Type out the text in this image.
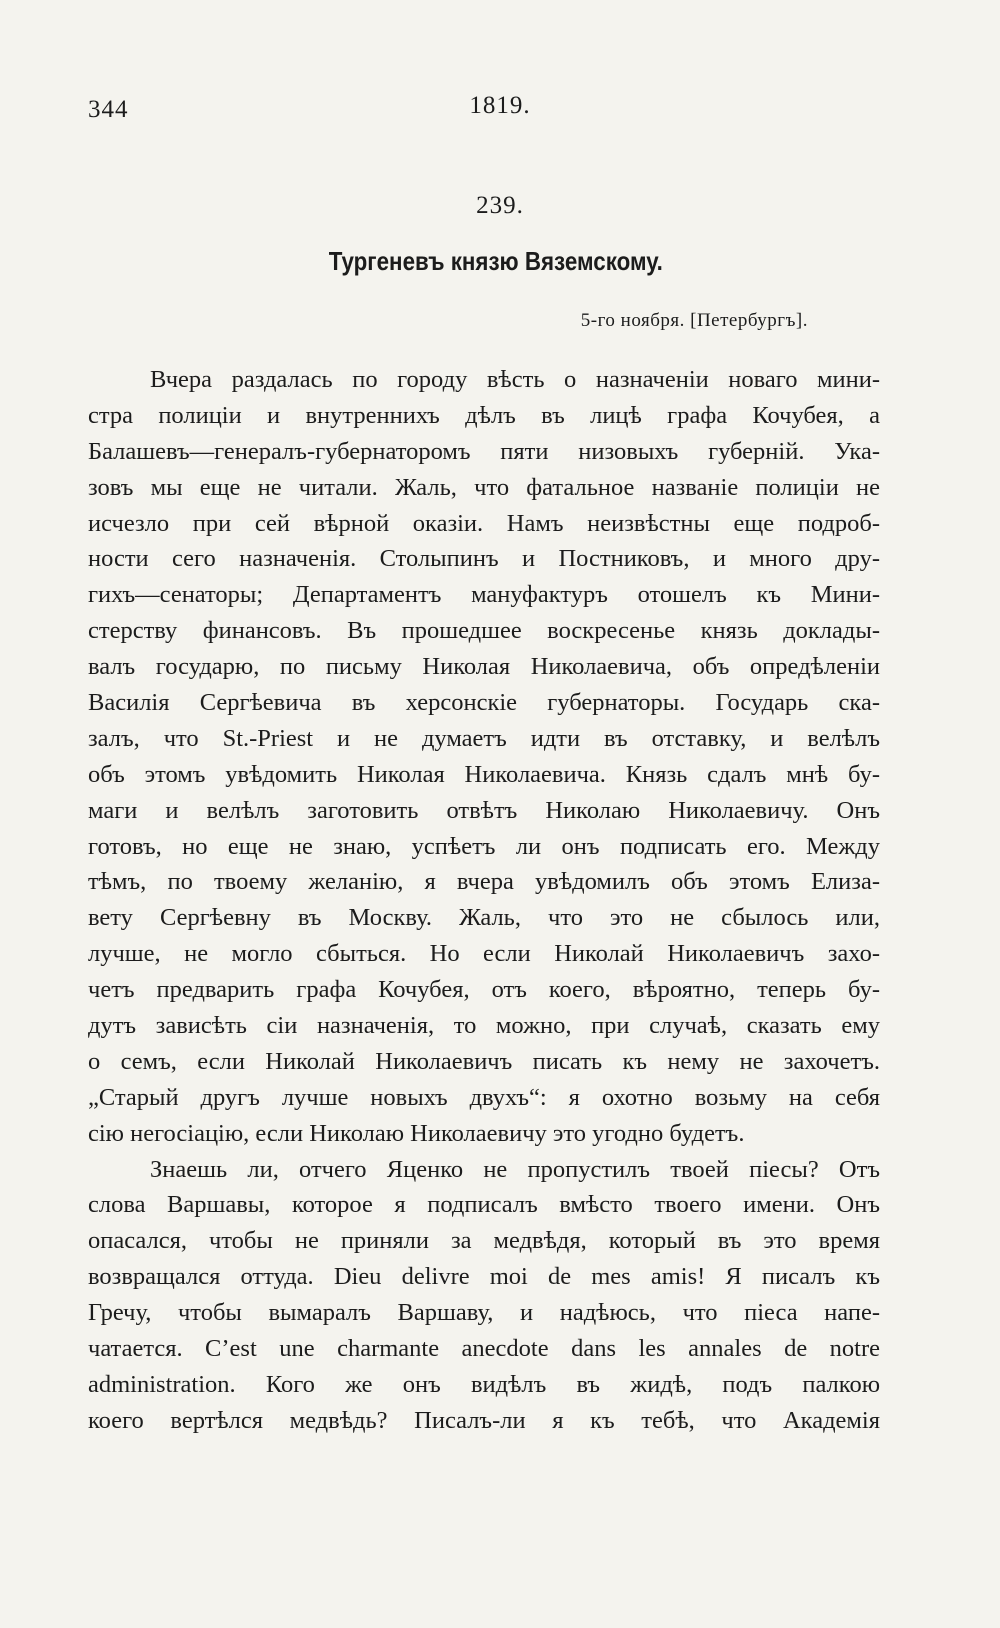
344	1819.
239.
Тургеневъ князю Вяземскому.
5-го ноября. [Петербургъ].
Вчера раздалась по городу вѣсть о назначеніи новаго мини-
стра полиціи и внутреннихъ дѣлъ въ лицѣ графа Кочубея, а
Балашевъ—генералъ-губернаторомъ пяти низовыхъ губерній. Ука-
зовъ мы еще не читали. Жаль, что фатальное названіе полиціи не
исчезло при сей вѣрной оказіи. Намъ неизвѣстны еще подроб-
ности сего назначенія. Столыпинъ и Постниковъ, и много дру-
гихъ—сенаторы; Департаментъ мануфактуръ отошелъ къ Мини-
стерству финансовъ. Въ прошедшее воскресенье князь доклады-
валъ государю, по письму Николая Николаевича, объ опредѣленіи
Василія Сергѣевича въ херсонскіе губернаторы. Государь ска-
залъ, что St.-Priest и не думаетъ идти въ отставку, и велѣлъ
объ этомъ увѣдомить Николая Николаевича. Князь сдалъ мнѣ бу-
маги и велѣлъ заготовить отвѣтъ Николаю Николаевичу. Онъ
готовъ, но еще не знаю, успѣетъ ли онъ подписать его. Между
тѣмъ, по твоему желанію, я вчера увѣдомилъ объ этомъ Елиза-
вету Сергѣевну въ Москву. Жаль, что это не сбылось или,
лучше, не могло сбыться. Но если Николай Николаевичъ захо-
четъ предварить графа Кочубея, отъ коего, вѣроятно, теперь бу-
дутъ зависѣть сіи назначенія, то можно, при случаѣ, сказать ему
о семъ, если Николай Николаевичъ писать къ нему не захочетъ.
„Старый другъ лучше новыхъ двухъ“: я охотно возьму на себя
сію негосіацію, если Николаю Николаевичу это угодно будетъ.
Знаешь ли, отчего Яценко не пропустилъ твоей піесы? Отъ
слова Варшавы, которое я подписалъ вмѣсто твоего имени. Онъ
опасался, чтобы не приняли за медвѣдя, который въ это время
возвращался оттуда. Dieu delivre moi de mes amis! Я писалъ къ
Гречу, чтобы вымаралъ Варшаву, и надѣюсь, что піеса напе-
чатается. C’est une charmante anecdote dans les annales de notre
administration. Кого же онъ видѣлъ въ жидѣ, подъ палкою
коего вертѣлся медвѣдь? Писалъ-ли я къ тебѣ, что Академія
